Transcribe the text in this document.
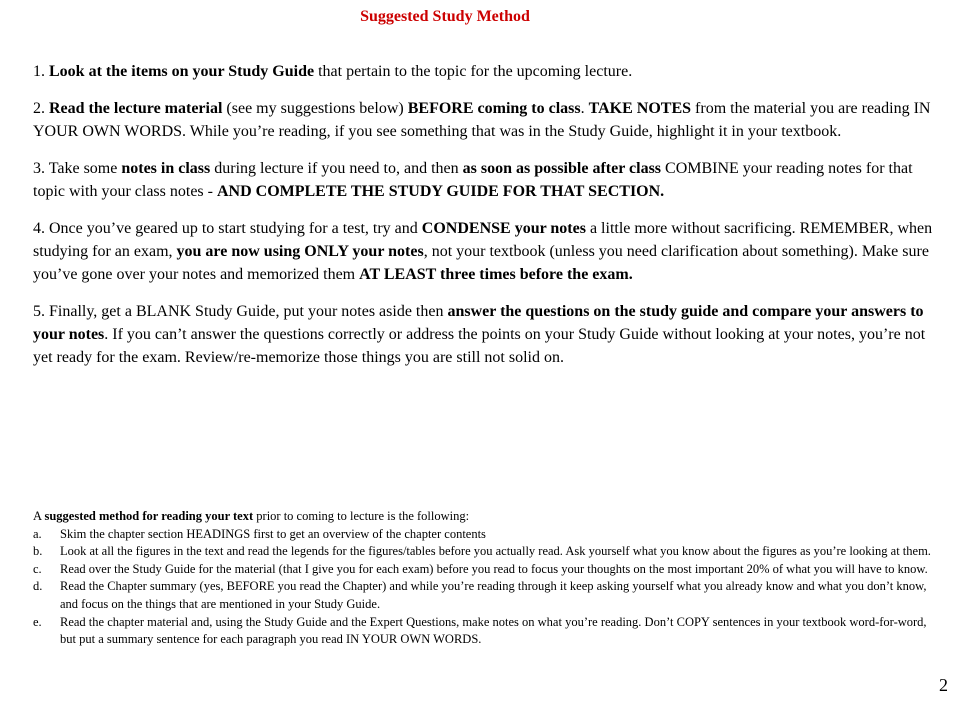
Suggested Study Method

1. Look at the items on your Study Guide that pertain to the topic for the upcoming lecture.

2. Read the lecture material (see my suggestions below) BEFORE coming to class. TAKE NOTES from the material you are reading IN YOUR OWN WORDS. While you’re reading, if you see something that was in the Study Guide, highlight it in your textbook.

3. Take some notes in class during lecture if you need to, and then as soon as possible after class COMBINE your reading notes for that topic with your class notes - AND COMPLETE THE STUDY GUIDE FOR THAT SECTION.

4. Once you’ve geared up to start studying for a test, try and CONDENSE your notes a little more without sacrificing. REMEMBER, when studying for an exam, you are now using ONLY your notes, not your textbook (unless you need clarification about something). Make sure you’ve gone over your notes and memorized them AT LEAST three times before the exam.

5. Finally, get a BLANK Study Guide, put your notes aside then answer the questions on the study guide and compare your answers to your notes. If you can’t answer the questions correctly or address the points on your Study Guide without looking at your notes, you’re not yet ready for the exam. Review/re-memorize those things you are still not solid on.

A suggested method for reading your text prior to coming to lecture is the following:

a.	Skim the chapter section HEADINGS first to get an overview of the chapter contents
b.	Look at all the figures in the text and read the legends for the figures/tables before you actually read. Ask yourself what you know about the figures as you’re looking at them.
c.	Read over the Study Guide for the material (that I give you for each exam) before you read to focus your thoughts on the most important 20% of what you will have to know.
d.	Read the Chapter summary (yes, BEFORE you read the Chapter) and while you’re reading through it keep asking yourself what you already know and what you don’t know, and focus on the things that are mentioned in your Study Guide.
e.	Read the chapter material and, using the Study Guide and the Expert Questions, make notes on what you’re reading. Don’t COPY sentences in your textbook word-for-word, but put a summary sentence for each paragraph you read IN YOUR OWN WORDS.
2
